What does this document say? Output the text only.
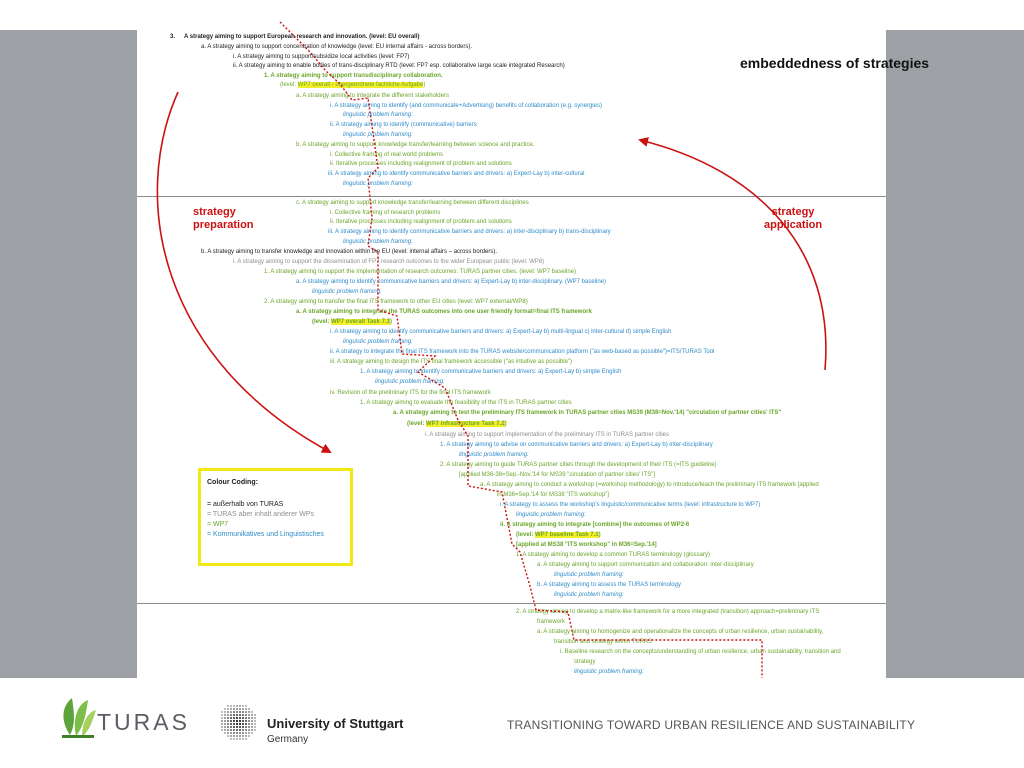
3. A strategy aiming to support European research and innovation. (level: EU overall)
a. A strategy aiming to support concentration of knowledge (level: EU internal affairs - across borders).
i. A strategy aiming to support/subsidize local activities (level: FP7)
ii. A strategy aiming to enable bodies of trans-disciplinary RTD (level: FP7 esp. collaborative large scale integrated Research)
1. A strategy aiming to support transdisciplinary collaboration.
(level: WP7 overall - übergeordnete fachliche Aufgabe)
a. A strategy aiming to integrate the different stakeholders
i. A strategy aiming to identify (and communicate+Advertising) benefits of collaboration (e.g. synergies)
linguistic problem framing:
ii. A strategy aiming to identify (communicative) barriers
linguistic problem framing:
b. A strategy aiming to support knowledge transfer/learning between science and practice.
i. Collective framing of real world problems
ii. Iterative processes including realignment of problem and solutions
iii. A strategy aiming to identify communicative barriers and drivers: a) Expert-Lay b) inter-cultural
linguistic problem framing:
c. A strategy aiming to support knowledge transfer/learning between different disciplines
i. Collective framing of research problems
ii. Iterative processes including realignment of problem and solutions
iii. A strategy aiming to identify communicative barriers and drivers: a) inter-disciplinary b) trans-disciplinary
linguistic problem framing:
b. A strategy aiming to transfer knowledge and innovation within the EU (level: internal affairs – across borders).
i. A strategy aiming to support the dissemination of FP7 research outcomes to the wider European public (level: WP8)
1. A strategy aiming to support the implementation of research outcomes: TURAS partner cities. (level: WP7 baseline)
a. A strategy aiming to identify communicative barriers and drivers: a) Expert-Lay b) inter-disciplinary. (WP7 baseline)
linguistic problem framing:
2. A strategy aiming to transfer the final ITS framework to other EU cities (level: WP7 external/WP8)
a. A strategy aiming to integrate the TURAS outcomes into one user friendly format=final ITS framework
(level: WP7 overall Task 7.3)
i. A strategy aiming to identify communicative barriers and drivers: a) Expert-Lay b) multi-lingual c) inter-cultural d) simple English
linguistic problem framing:
ii. A strategy to integrate the final ITS framework into the TURAS website/communication platform ("as web-based as possible")=ITS/TURAS Tool
iii. A strategy aiming to design the ITS final framework accessible ("as intuitive as possible")
1. A strategy aiming to identify communicative barriers and drivers: a) Expert-Lay b) simple English
linguistic problem framing:
iv. Revision of the preliminary ITS for the final ITS framework
1. A strategy aiming to evaluate the feasibility of the ITS in TURAS partner cities
a. A strategy aiming to test the preliminary ITS framework in TURAS partner cities MS39 (M38=Nov.'14) "circulation of partner cities' ITS"
(level: WP7 infrastructure Task 7.2)
i. A strategy aiming to support implementation of the preliminary ITS in TURAS partner cities
1. A strategy aiming to advise on communicative barriers and drivers: a) Expert-Lay b) inter-disciplinary
linguistic problem framing:
2. A strategy aiming to guide TURAS partner cities through the development of their ITS (=ITS guideline)
[applied M36-38=Sep.-Nov.'14 for MS39 "circulation of partner cities' ITS"]
a. A strategy aiming to conduct a workshop (=workshop methodology) to introduce/teach the preliminary ITS framework [applied
in M36=Sep.'14 for MS38 "ITS workshop"]
i. A strategy to assess the workshop's linguistic/communicative terms (level: infrastructure to WP7)
linguistic problem framing:
ii. A strategy aiming to integrate [combine] the outcomes of WP2-6
(level: WP7 baseline Task 7.1)
[applied at MS38 "ITS workshop" in M36=Sep.'14]
1. A strategy aiming to develop a common TURAS terminology (glossary)
a. A strategy aiming to support communication and collaboration: inter-disciplinary
linguistic problem framing:
b. A strategy aiming to assess the TURAS terminology
linguistic problem framing:
2. A strategy aiming to develop a matrix-like framework for a more integrated (transition) approach=preliminary ITS
framework
a. A strategy aiming to homogenize and operationalize the concepts of urban resilience, urban sustainability,
transition and strategy within TURAS
i. Baseline research on the concepts/understanding of urban resilience, urban sustainability, transition and
strategy
linguistic problem framing:
strategy
preparation
strategy
application
embeddedness of strategies
Colour Coding:
= außerhalb von TURAS
= TURAS aber inhalt anderer WPs
= WP7
= Kommunikatives und Linguistisches
TURAS	University of Stuttgart
Germany
TRANSITIONING TOWARD URBAN RESILIENCE AND SUSTAINABILITY
